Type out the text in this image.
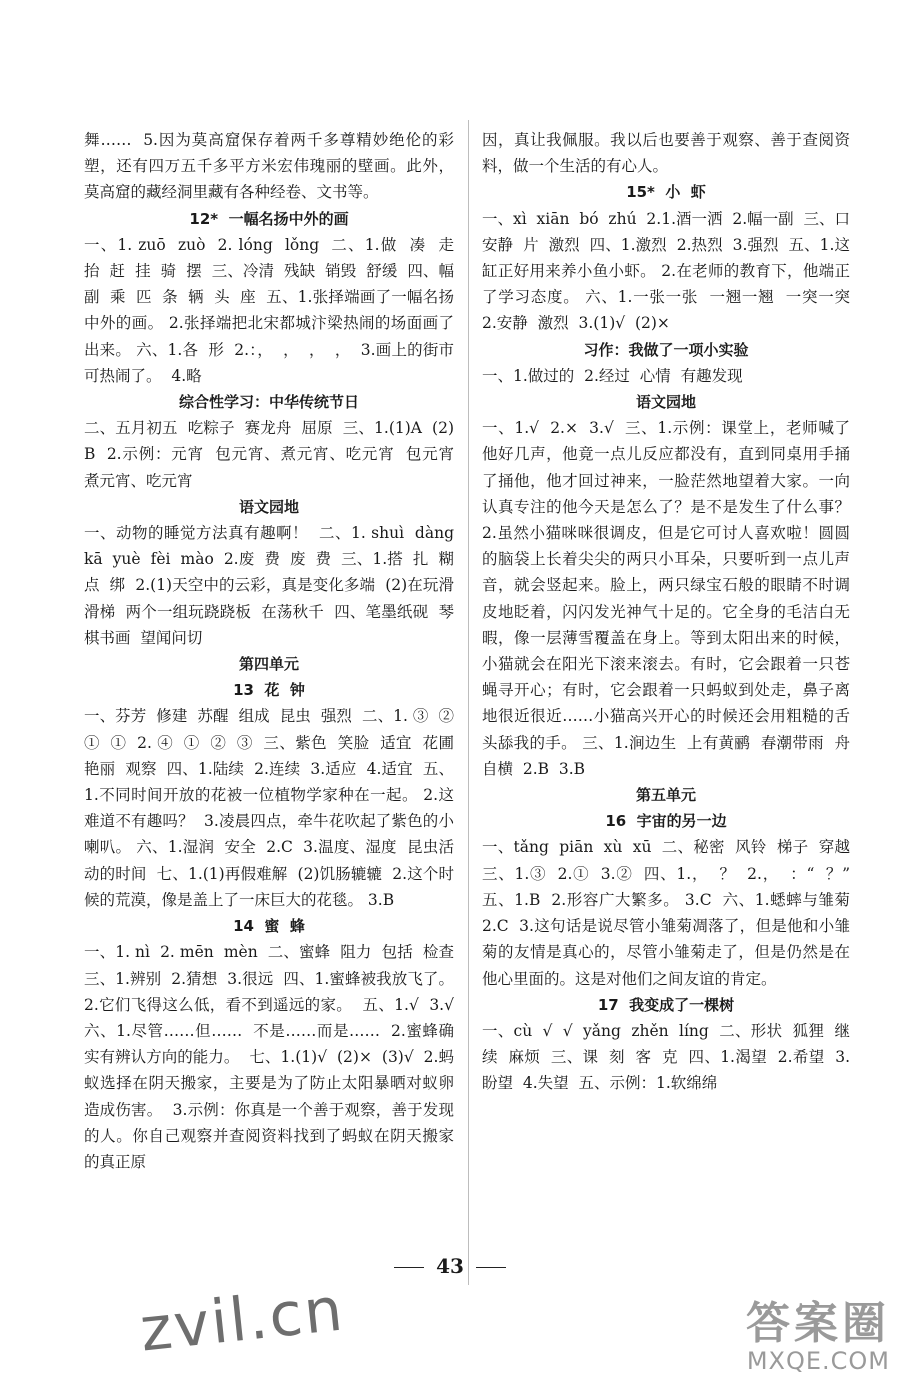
舞……  5.因为莫高窟保存着两千多尊精妙绝伦的彩塑，还有四万五千多平方米宏伟瑰丽的壁画。此外，莫高窟的藏经洞里藏有各种经卷、文书等。

12*  一幅名扬中外的画

一、1. zuō  zuò  2. lóng  lǒng  二、1.做  凑  走  抬  赶  挂  骑  摆  三、冷清  残缺  销毁  舒缓  四、幅  副  乘  匹  条  辆  头  座  五、1.张择端画了一幅名扬中外的画。 2.张择端把北宋都城汴梁热闹的场面画了出来。 六、1.各  形  2.：，  ，  ，  ，  3.画上的街市可热闹了。  4.略

综合性学习：中华传统节日

二、五月初五  吃粽子  赛龙舟  屈原  三、1.(1)A  (2)B  2.示例：元宵  包元宵、煮元宵、吃元宵  包元宵  煮元宵、吃元宵

语文园地

一、动物的睡觉方法真有趣啊！  二、1. shuì  dàng  kā  yuè  fèi  mào  2.废  费  废  费  三、1.搭  扎  糊  点  绑  2.(1)天空中的云彩，真是变化多端  (2)在玩滑滑梯  两个一组玩跷跷板  在荡秋千  四、笔墨纸砚  琴棋书画  望闻问切

第四单元

13  花  钟

一、芬芳  修建  苏醒  组成  昆虫  强烈  二、1. ③  ②  ①  ①  2. ④  ①  ②  ③  三、紫色  笑脸  适宜  花圃  艳丽  观察  四、1.陆续  2.连续  3.适应  4.适宜  五、1.不同时间开放的花被一位植物学家种在一起。 2.这难道不有趣吗？  3.凌晨四点，牵牛花吹起了紫色的小喇叭。 六、1.湿润  安全  2.C  3.温度、湿度  昆虫活动的时间  七、1.(1)再假难解  (2)饥肠辘辘  2.这个时候的荒漠，像是盖上了一床巨大的花毯。 3.B

14  蜜  蜂

一、1. nì  2. mēn  mèn  二、蜜蜂  阻力  包括  检查  三、1.辨别  2.猜想  3.很远  四、1.蜜蜂被我放飞了。 2.它们飞得这么低，看不到遥远的家。  五、1.√  3.√  六、1.尽管……但……  不是……而是……  2.蜜蜂确实有辨认方向的能力。  七、1.(1)√  (2)×  (3)√  2.蚂蚁选择在阴天搬家，主要是为了防止太阳暴晒对蚁卵造成伤害。  3.示例：你真是一个善于观察，善于发现的人。你自己观察并查阅资料找到了蚂蚁在阴天搬家的真正原

因，真让我佩服。我以后也要善于观察、善于查阅资料，做一个生活的有心人。

15*  小  虾

一、xì  xiān  bó  zhú  2.1.酒一洒  2.幅一副  三、口  安静  片  激烈  四、1.激烈  2.热烈  3.强烈  五、1.这缸正好用来养小鱼小虾。 2.在老师的教育下，他端正了学习态度。 六、1.一张一张  一翘一翘  一突一突  2.安静  激烈  3.(1)√  (2)×

习作：我做了一项小实验

一、1.做过的  2.经过  心情  有趣发现

语文园地

一、1.√  2.×  3.√  三、1.示例：课堂上，老师喊了他好几声，他竟一点儿反应都没有，直到同桌用手捅了捅他，他才回过神来，一脸茫然地望着大家。一向认真专注的他今天是怎么了？是不是发生了什么事？  2.虽然小猫咪咪很调皮，但是它可讨人喜欢啦！圆圆的脑袋上长着尖尖的两只小耳朵，只要听到一点儿声音，就会竖起来。脸上，两只绿宝石般的眼睛不时调皮地眨着，闪闪发光神气十足的。它全身的毛洁白无暇，像一层薄雪覆盖在身上。等到太阳出来的时候，小猫就会在阳光下滚来滚去。有时，它会跟着一只苍蝇寻开心；有时，它会跟着一只蚂蚁到处走，鼻子离地很近很近……小猫高兴开心的时候还会用粗糙的舌头舔我的手。 三、1.涧边生  上有黄鹂  春潮带雨  舟自横  2.B  3.B

第五单元

16  宇宙的另一边

一、tǎng  piān  xù  xū  二、秘密  风铃  梯子  穿越  三、1.③  2.①  3.②  四、1.，  ？  2.，  ：“  ？”  五、1.B  2.形容广大繁多。 3.C  六、1.蟋蟀与雏菊  2.C  3.这句话是说尽管小雏菊凋落了，但是他和小雏菊的友情是真心的，尽管小雏菊走了，但是仍然是在他心里面的。这是对他们之间友谊的肯定。

17  我变成了一棵树

一、cù  √  √  yǎng  zhěn  líng  二、形状  狐狸  继续  麻烦  三、课  刻  客  克  四、1.渴望  2.希望  3.盼望  4.失望  五、示例：1.软绵绵

43
zvil.cn	答案圈
MXQE.COM
